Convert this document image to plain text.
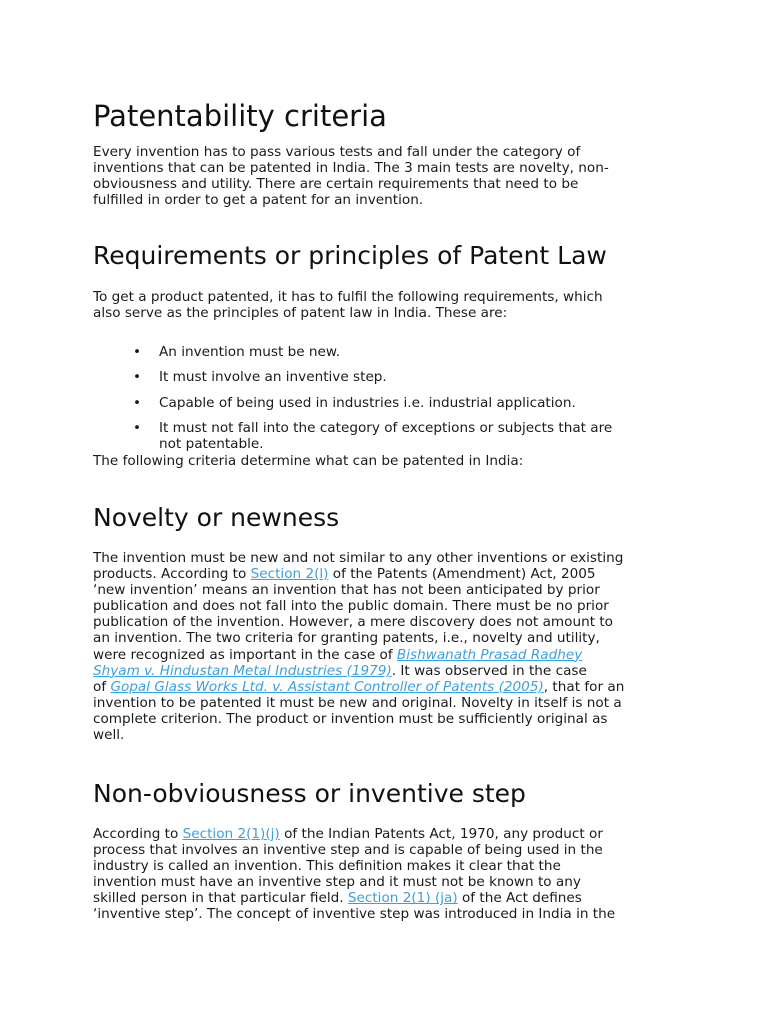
Patentability criteria
Every invention has to pass various tests and fall under the category of
inventions that can be patented in India. The 3 main tests are novelty, non-
obviousness and utility. There are certain requirements that need to be
fulfilled in order to get a patent for an invention.
Requirements or principles of Patent Law
To get a product patented, it has to fulfil the following requirements, which
also serve as the principles of patent law in India. These are:
• An invention must be new.
• It must involve an inventive step.
• Capable of being used in industries i.e. industrial application.
• It must not fall into the category of exceptions or subjects that are
not patentable.
The following criteria determine what can be patented in India:
Novelty or newness
The invention must be new and not similar to any other inventions or existing
products. According to Section 2(l) of the Patents (Amendment) Act, 2005
‘new invention’ means an invention that has not been anticipated by prior
publication and does not fall into the public domain. There must be no prior
publication of the invention. However, a mere discovery does not amount to
an invention. The two criteria for granting patents, i.e., novelty and utility,
were recognized as important in the case of Bishwanath Prasad Radhey
Shyam v. Hindustan Metal Industries (1979). It was observed in the case
of Gopal Glass Works Ltd. v. Assistant Controller of Patents (2005), that for an
invention to be patented it must be new and original. Novelty in itself is not a
complete criterion. The product or invention must be sufficiently original as
well.
Non-obviousness or inventive step
According to Section 2(1)(j) of the Indian Patents Act, 1970, any product or
process that involves an inventive step and is capable of being used in the
industry is called an invention. This definition makes it clear that the
invention must have an inventive step and it must not be known to any
skilled person in that particular field. Section 2(1) (ja) of the Act defines
‘inventive step’. The concept of inventive step was introduced in India in the
